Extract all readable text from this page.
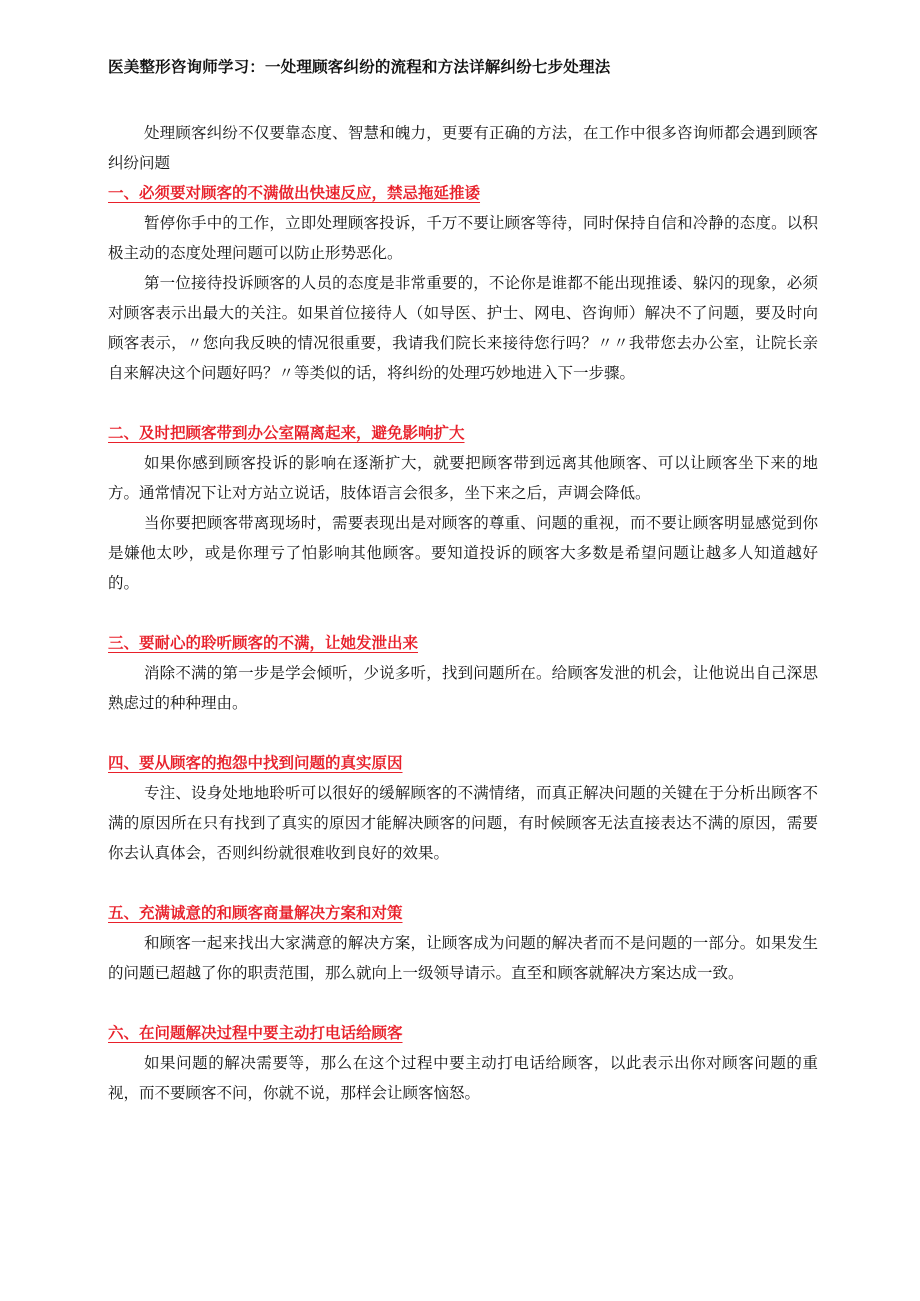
医美整形咨询师学习：一处理顾客纠纷的流程和方法详解纠纷七步处理法

处理顾客纠纷不仅要靠态度、智慧和魄力，更要有正确的方法，在工作中很多咨询师都会遇到顾客纠纷问题

一、必须要对顾客的不满做出快速反应，禁忌拖延推诿

暂停你手中的工作，立即处理顾客投诉，千万不要让顾客等待，同时保持自信和冷静的态度。以积极主动的态度处理问题可以防止形势恶化。

第一位接待投诉顾客的人员的态度是非常重要的，不论你是谁都不能出现推诿、躲闪的现象，必须对顾客表示出最大的关注。如果首位接待人（如导医、护士、网电、咨询师）解决不了问题，要及时向顾客表示，〃您向我反映的情况很重要，我请我们院长来接待您行吗？〃〃我带您去办公室，让院长亲自来解决这个问题好吗？〃等类似的话，将纠纷的处理巧妙地进入下一步骤。

二、及时把顾客带到办公室隔离起来，避免影响扩大

如果你感到顾客投诉的影响在逐渐扩大，就要把顾客带到远离其他顾客、可以让顾客坐下来的地方。通常情况下让对方站立说话，肢体语言会很多，坐下来之后，声调会降低。

当你要把顾客带离现场时，需要表现出是对顾客的尊重、问题的重视，而不要让顾客明显感觉到你是嫌他太吵，或是你理亏了怕影响其他顾客。要知道投诉的顾客大多数是希望问题让越多人知道越好的。

三、要耐心的聆听顾客的不满，让她发泄出来

消除不满的第一步是学会倾听，少说多听，找到问题所在。给顾客发泄的机会，让他说出自己深思熟虑过的种种理由。

四、要从顾客的抱怨中找到问题的真实原因

专注、设身处地地聆听可以很好的缓解顾客的不满情绪，而真正解决问题的关键在于分析出顾客不满的原因所在只有找到了真实的原因才能解决顾客的问题，有时候顾客无法直接表达不满的原因，需要你去认真体会，否则纠纷就很难收到良好的效果。

五、充满诚意的和顾客商量解决方案和对策

和顾客一起来找出大家满意的解决方案，让顾客成为问题的解决者而不是问题的一部分。如果发生的问题已超越了你的职责范围，那么就向上一级领导请示。直至和顾客就解决方案达成一致。

六、在问题解决过程中要主动打电话给顾客

如果问题的解决需要等，那么在这个过程中要主动打电话给顾客，以此表示出你对顾客问题的重视，而不要顾客不问，你就不说，那样会让顾客恼怒。
